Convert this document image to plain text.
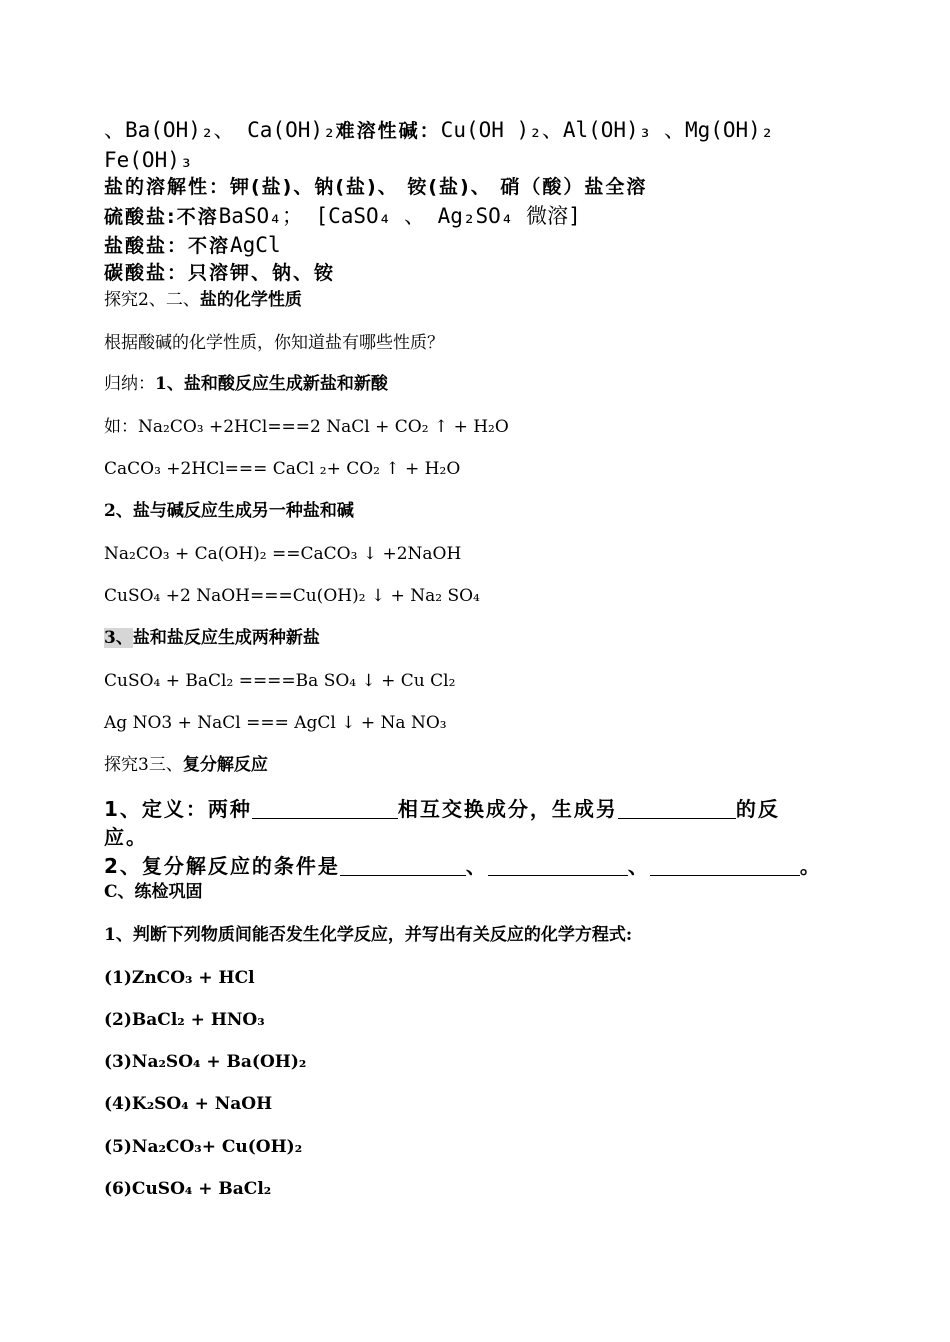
、Ba(OH)₂、 Ca(OH)₂难溶性碱：Cu(OH )₂、Al(OH)₃ 、Mg(OH)₂
Fe(OH)₃
盐的溶解性：钾(盐)、钠(盐)、 铵(盐)、 硝（酸）盐全溶
硫酸盐:不溶BaSO₄； [CaSO₄ 、 Ag₂SO₄ 微溶]
盐酸盐：不溶AgCl
碳酸盐：只溶钾、钠、铵
探究2、二、盐的化学性质
根据酸碱的化学性质，你知道盐有哪些性质？
归纳：1、盐和酸反应生成新盐和新酸
如：Na₂CO₃ +2HCl===2 NaCl + CO₂ ↑ + H₂O
CaCO₃ +2HCl=== CaCl ₂+ CO₂ ↑ + H₂O
2、盐与碱反应生成另一种盐和碱
Na₂CO₃ + Ca(OH)₂ ==CaCO₃ ↓ +2NaOH
CuSO₄ +2 NaOH===Cu(OH)₂ ↓ + Na₂ SO₄
3、盐和盐反应生成两种新盐
CuSO₄ + BaCl₂ ====Ba SO₄ ↓ + Cu Cl₂
Ag NO3 + NaCl === AgCl ↓ + Na NO₃
探究3三、复分解反应
1、定义：两种	相互交换成分，生成另	的反
应。
2、复分解反应的条件是	、	、	。
C、练检巩固
1、判断下列物质间能否发生化学反应，并写出有关反应的化学方程式:
(1)ZnCO₃ + HCl
(2)BaCl₂ + HNO₃
(3)Na₂SO₄ + Ba(OH)₂
(4)K₂SO₄ + NaOH
(5)Na₂CO₃+ Cu(OH)₂
(6)CuSO₄ + BaCl₂
